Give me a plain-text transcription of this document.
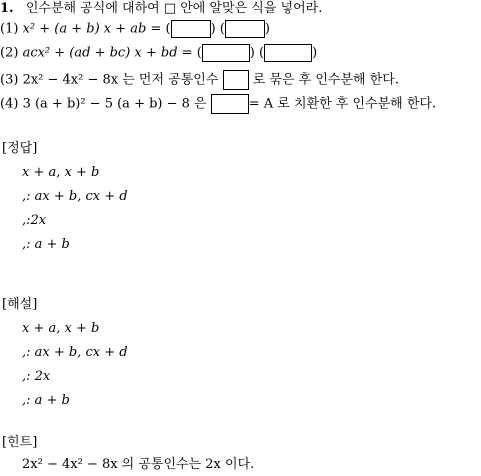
1. 인수분해 공식에 대하여 □ 안에 알맞은 식을 넣어라.
(1) x² + (a + b) x + ab = (	) (	)
(2) acx² + (ad + bc) x + bd = (	) (	)
(3) 2x² − 4x² − 8x 는 먼저 공통인수	로 묶은 후 인수분해 한다.
(4) 3 (a + b)² − 5 (a + b) − 8 은	= A 로 치환한 후 인수분해 한다.
[정답]
x + a, x + b
,: ax + b, cx + d
,:2x
,: a + b
[해설]
x + a, x + b
,: ax + b, cx + d
,: 2x
,: a + b
[힌트]
2x² − 4x² − 8x 의 공통인수는 2x 이다.
